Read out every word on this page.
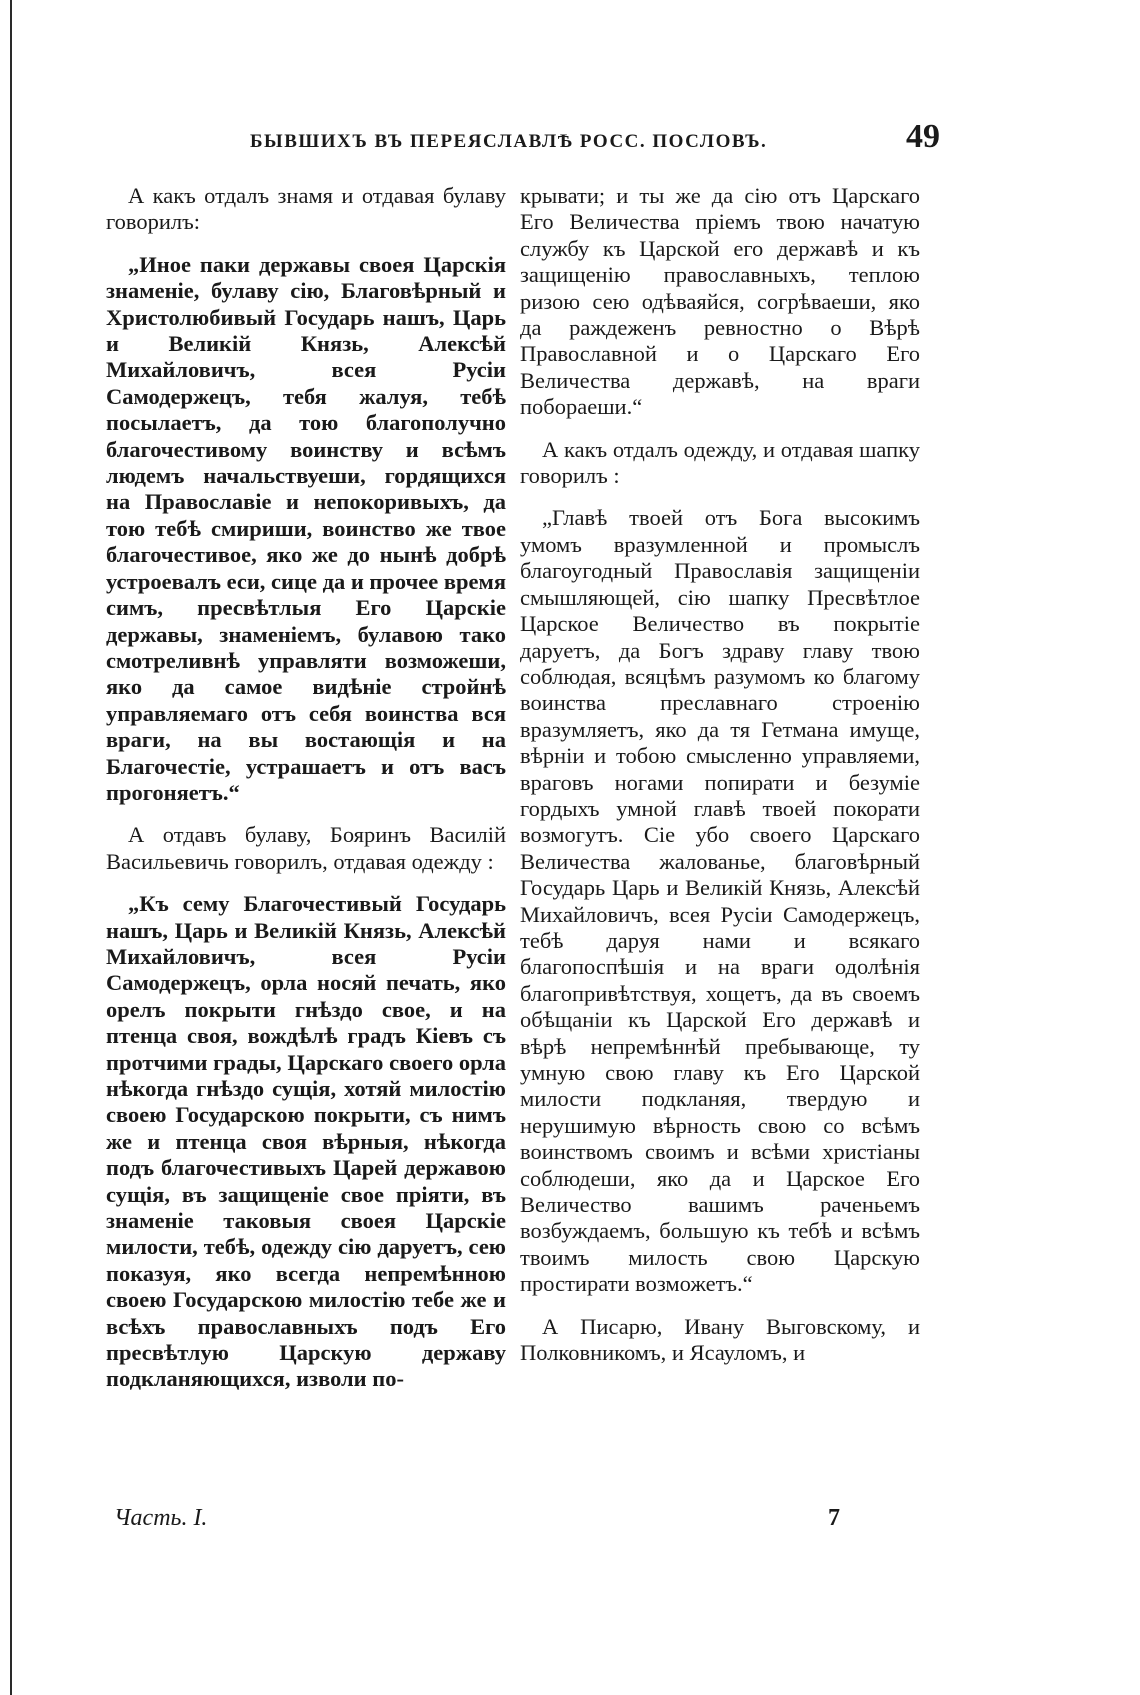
БЫВШИХЪ ВЪ ПЕРЕЯСЛАВЛѢ РОСС. ПОСЛОВЪ.	49

А какъ отдалъ знамя и отдавая булаву говорилъ:

„Иное паки державы своея Царскія знаменіе, булаву сію, Благовѣрный и Христолюбивый Государь нашъ, Царь и Великій Князь, Алексѣй Михайловичъ, всея Русіи Самодержецъ, тебя жалуя, тебѣ посылаетъ, да тою благополучно благочестивому воинству и всѣмъ людемъ начальствуеши, гордящихся на Православіе и непокоривыхъ, да тою тебѣ смириши, воинство же твое благочестивое, яко же до нынѣ добрѣ устроевалъ еси, сице да и прочее время симъ, пресвѣтлыя Его Царскіе державы, знаменіемъ, булавою тако смотреливнѣ управляти возможеши, яко да самое видѣніе стройнѣ управляемаго отъ себя воинства вся враги, на вы востающія и на Благочестіе, устрашаетъ и отъ васъ прогоняетъ.“

А отдавъ булаву, Бояринъ Василій Васильевичь говорилъ, отдавая одежду :

„Къ сему Благочестивый Государь нашъ, Царь и Великій Князь, Алексѣй Михайловичъ, всея Русіи Самодержецъ, орла носяй печать, яко орелъ покрыти гнѣздо свое, и на птенца своя, вождѣлѣ градъ Кіевъ съ протчими грады, Царскаго своего орла нѣкогда гнѣздо сущія, хотяй милостію своею Государскою покрыти, съ нимъ же и птенца своя вѣрныя, нѣкогда подъ благочестивыхъ Царей державою сущія, въ защищеніе свое пріяти, въ знаменіе таковыя своея Царскіе милости, тебѣ, одежду сію даруетъ, сею показуя, яко всегда непремѣнною своею Государскою милостію тебе же и всѣхъ православныхъ подъ Его пресвѣтлую Царскую державу подкланяющихся, изволи по-

крывати; и ты же да сію отъ Царскаго Его Величества пріемъ твою начатую службу къ Царской его державѣ и къ защищенію православныхъ, теплою ризою сею одѣваяйся, согрѣваеши, яко да раждеженъ ревностно о Вѣрѣ Православной и о Царскаго Его Величества державѣ, на враги побораеши.“

А какъ отдалъ одежду, и отдавая шапку говорилъ :

„Главѣ твоей отъ Бога высокимъ умомъ вразумленной и промыслъ благоугодный Православія защищеніи смышляющей, сію шапку Пресвѣтлое Царское Величество въ покрытіе даруетъ, да Богъ здраву главу твою соблюдая, всяцѣмъ разумомъ ко благому воинства преславнаго строенію вразумляетъ, яко да тя Гетмана имуще, вѣрніи и тобою смысленно управляеми, враговъ ногами попирати и безуміе гордыхъ умной главѣ твоей покорати возмогутъ. Сіе убо своего Царскаго Величества жалованье, благовѣрный Государь Царь и Великій Князь, Алексѣй Михайловичъ, всея Русіи Самодержецъ, тебѣ даруя нами и всякаго благопоспѣшія и на враги одолѣнія благопривѣтствуя, хощетъ, да въ своемъ обѣщаніи къ Царской Его державѣ и вѣрѣ непремѣннѣй пребывающе, ту умную свою главу къ Его Царской милости подкланяя, твердую и нерушимую вѣрность свою со всѣмъ воинствомъ своимъ и всѣми христіаны соблюдеши, яко да и Царское Его Величество вашимъ раченьемъ возбуждаемъ, большую къ тебѣ и всѣмъ твоимъ милость свою Царскую простирати возможетъ.“

А Писарю, Ивану Выговскому, и Полковникомъ, и Ясауломъ, и

Часть. I.	7
